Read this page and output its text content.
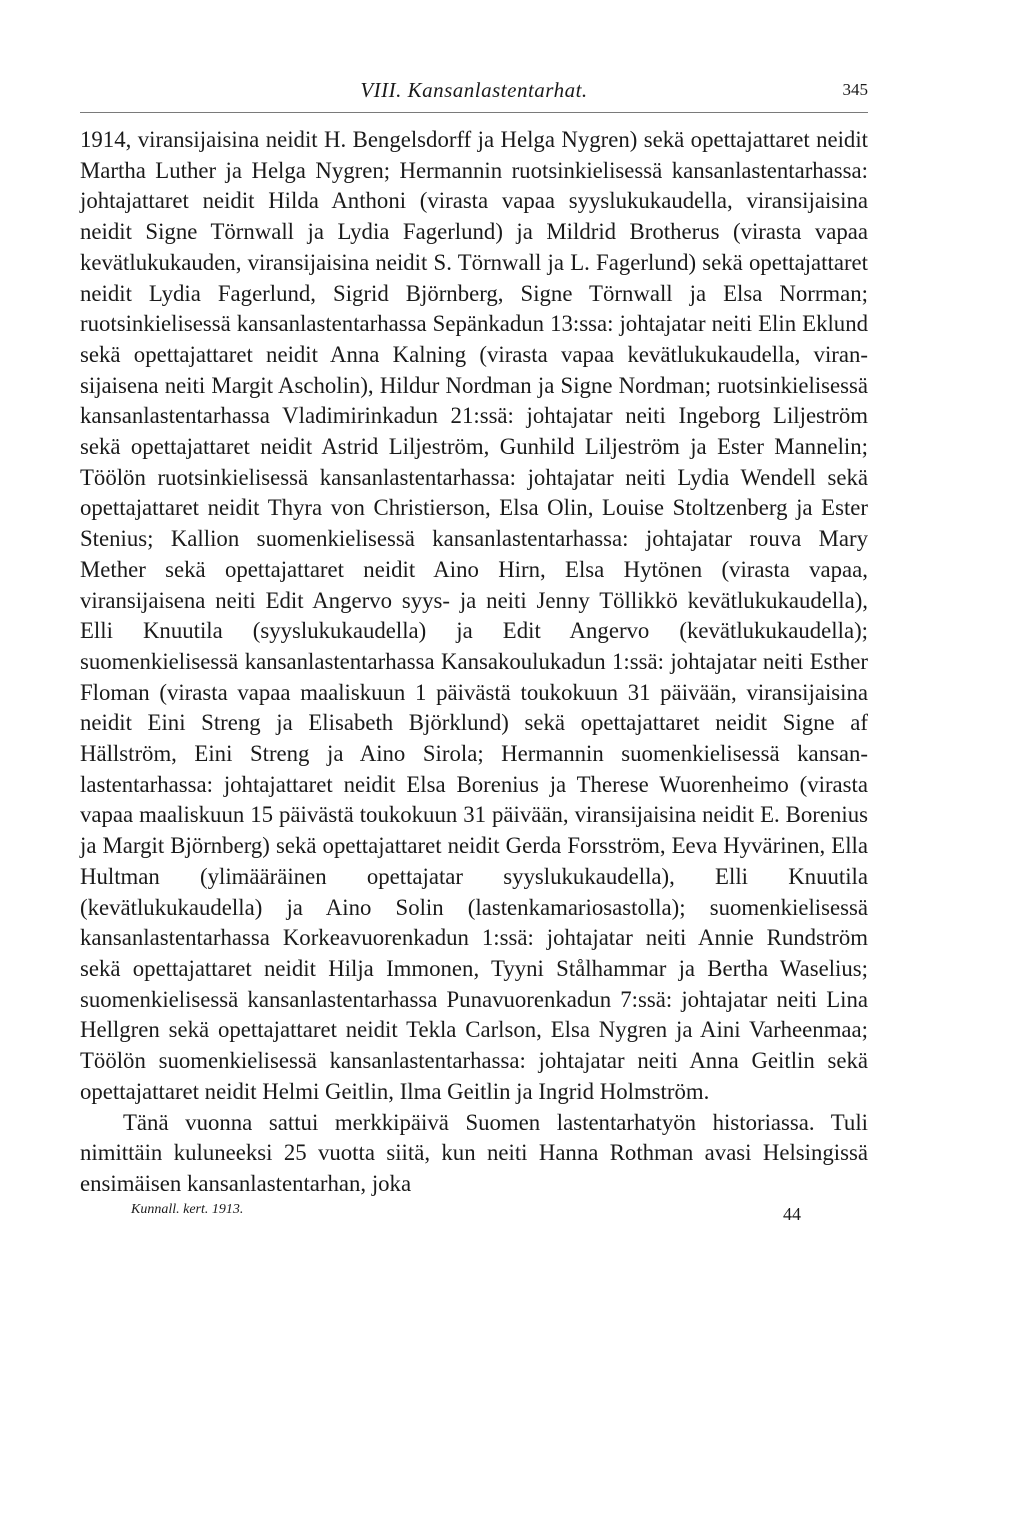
VIII. Kansanlastentarhat.	345

1914, viransijaisina neidit H. Bengelsdorff ja Helga Nygren) sekä opettajattaret neidit Martha Luther ja Helga Nygren; Hermannin ruotsinkielisessä kansanlastentarhassa: johtajattaret neidit Hilda Anthoni (virasta vapaa syyslukukaudella, viransijaisina neidit Signe Törnwall ja Lydia Fagerlund) ja Mildrid Brotherus (virasta vapaa kevätlukukauden, viransijaisina neidit S. Törnwall ja L. Fagerlund) sekä opettajattaret neidit Lydia Fagerlund, Sigrid Björnberg, Signe Törnwall ja Elsa Norrman; ruotsinkielisessä kansanlastentarhassa Sepänkadun 13:ssa: johtajatar neiti Elin Eklund sekä opettajattaret neidit Anna Kalning (virasta vapaa kevätlukukaudella, viransijaisena neiti Margit Ascholin), Hildur Nordman ja Signe Nordman; ruotsinkielisessä kansanlastentarhassa Vladimirinkadun 21:ssä: johtajatar neiti Ingeborg Liljeström sekä opettajattaret neidit Astrid Liljeström, Gunhild Liljeström ja Ester Mannelin; Töölön ruotsinkielisessä kansanlastentarhassa: johtajatar neiti Lydia Wendell sekä opettajattaret neidit Thyra von Christierson, Elsa Olin, Louise Stoltzenberg ja Ester Stenius; Kallion suomenkielisessä kansanlastentarhassa: johtajatar rouva Mary Mether sekä opettajattaret neidit Aino Hirn, Elsa Hytönen (virasta vapaa, viransijaisena neiti Edit Angervo syys- ja neiti Jenny Töllikkö kevätlukukaudella), Elli Knuutila (syyslukukaudella) ja Edit Angervo (kevätlukukaudella); suomenkielisessä kansanlastentarhassa Kansakoulukadun 1:ssä: johtajatar neiti Esther Floman (virasta vapaa maaliskuun 1 päivästä toukokuun 31 päivään, viransijaisina neidit Eini Streng ja Elisabeth Björklund) sekä opettajattaret neidit Signe af Hällström, Eini Streng ja Aino Sirola; Hermannin suomenkielisessä kansanlastentarhassa: johtajattaret neidit Elsa Borenius ja Therese Wuorenheimo (virasta vapaa maaliskuun 15 päivästä toukokuun 31 päivään, viransijaisina neidit E. Borenius ja Margit Björnberg) sekä opettajattaret neidit Gerda Forsström, Eeva Hyvärinen, Ella Hultman (ylimääräinen opettajatar syyslukukaudella), Elli Knuutila (kevätlukukaudella) ja Aino Solin (lastenkamariosastolla); suomenkielisessä kansanlastentarhassa Korkeavuorenkadun 1:ssä: johtajatar neiti Annie Rundström sekä opettajattaret neidit Hilja Immonen, Tyyni Stålhammar ja Bertha Waselius; suomenkielisessä kansanlastentarhassa Punavuorenkadun 7:ssä: johtajatar neiti Lina Hellgren sekä opettajattaret neidit Tekla Carlson, Elsa Nygren ja Aini Varheenmaa; Töölön suomenkielisessä kansanlastentarhassa: johtajatar neiti Anna Geitlin sekä opettajattaret neidit Helmi Geitlin, Ilma Geitlin ja Ingrid Holmström.

Tänä vuonna sattui merkkipäivä Suomen lastentarhatyön historiassa. Tuli nimittäin kuluneeksi 25 vuotta siitä, kun neiti Hanna Rothman avasi Helsingissä ensimäisen kansanlastentarhan, joka

Kunnall. kert. 1913.	44
